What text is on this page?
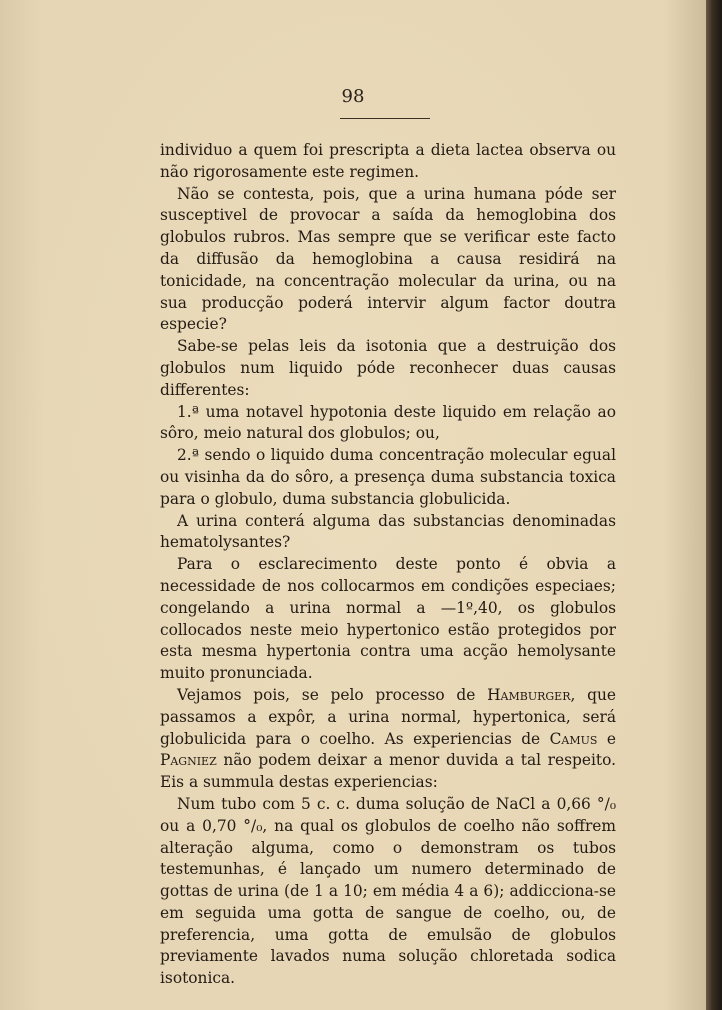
98

individuo a quem foi prescripta a dieta lactea observa ou não rigorosamente este regimen.

Não se contesta, pois, que a urina humana póde ser susceptivel de provocar a saída da hemoglobina dos globulos rubros. Mas sempre que se verificar este facto da diffusão da hemoglobina a causa residirá na tonicidade, na concentração molecular da urina, ou na sua producção poderá intervir algum factor doutra especie?

Sabe-se pelas leis da isotonia que a destruição dos globulos num liquido póde reconhecer duas causas differentes:

1.ª uma notavel hypotonia deste liquido em relação ao sôro, meio natural dos globulos; ou,

2.ª sendo o liquido duma concentração molecular egual ou visinha da do sôro, a presença duma substancia toxica para o globulo, duma substancia globulicida.

A urina conterá alguma das substancias denominadas hematolysantes?

Para o esclarecimento deste ponto é obvia a necessidade de nos collocarmos em condições especiaes; congelando a urina normal a —1º,40, os globulos collocados neste meio hypertonico estão protegidos por esta mesma hypertonia contra uma acção hemolysante muito pronunciada.

Vejamos pois, se pelo processo de Hamburger, que passamos a expôr, a urina normal, hypertonica, será globulicida para o coelho. As experiencias de Camus e Pagniez não podem deixar a menor duvida a tal respeito. Eis a summula destas experiencias:

Num tubo com 5 c. c. duma solução de NaCl a 0,66 °/₀ ou a 0,70 °/₀, na qual os globulos de coelho não soffrem alteração alguma, como o demonstram os tubos testemunhas, é lançado um numero determinado de gottas de urina (de 1 a 10; em média 4 a 6); addicciona-se em seguida uma gotta de sangue de coelho, ou, de preferencia, uma gotta de emulsão de globulos previamente lavados numa solução chloretada sodica isotonica.
